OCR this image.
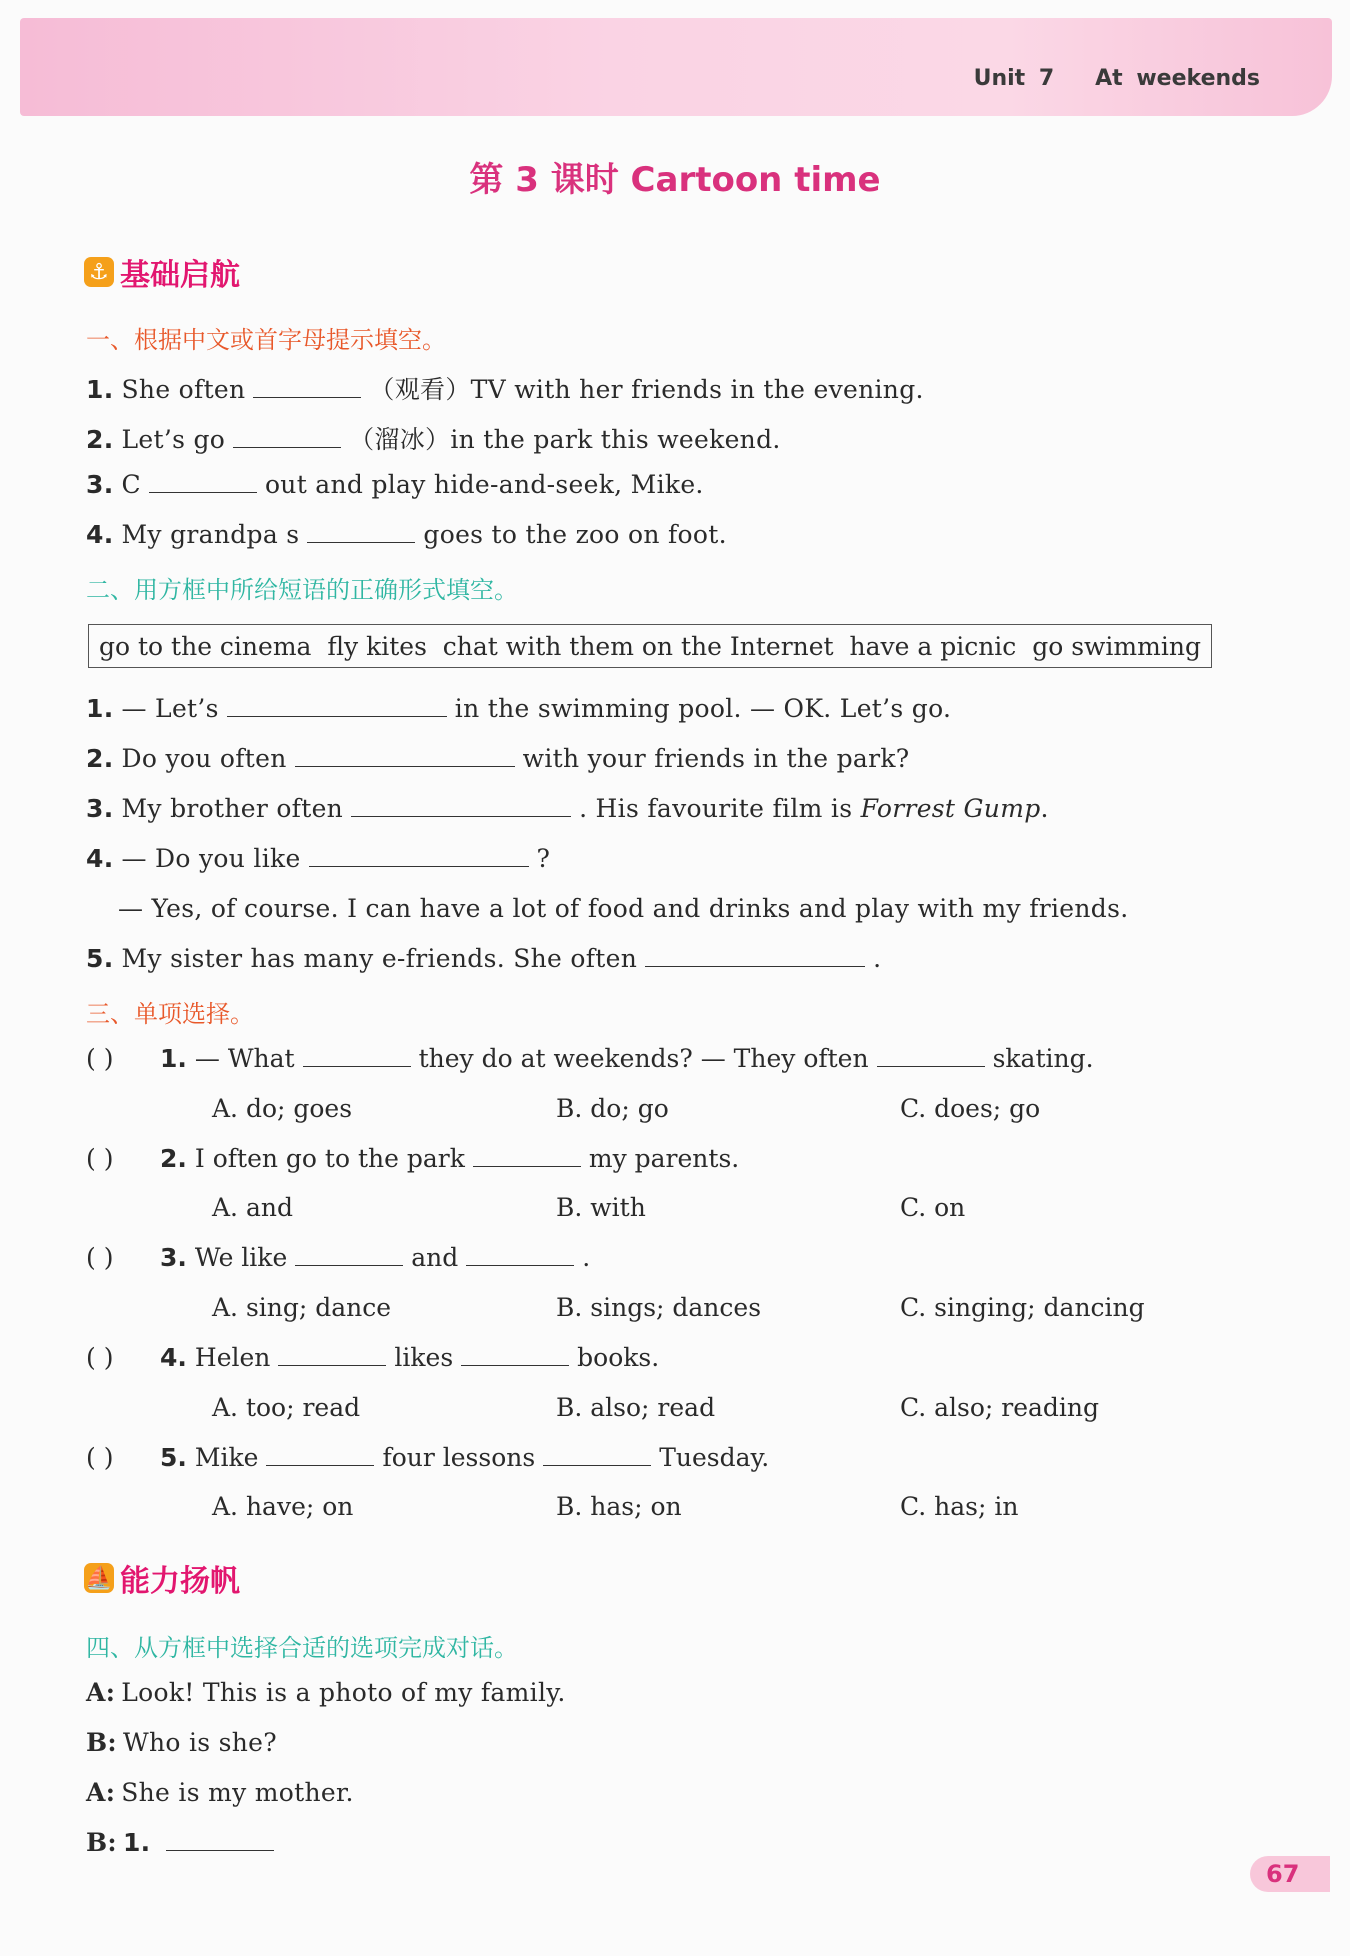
Unit 7 At weekends
第 3 课时 Cartoon time
⚓ 基础启航
一、根据中文或首字母提示填空。
1. She often	（观看）TV with her friends in the evening.
2. Let’s go	（溜冰）in the park this weekend.
3. C	out and play hide-and-seek, Mike.
4. My grandpa s	goes to the zoo on foot.
二、用方框中所给短语的正确形式填空。
go to the cinema fly kites chat with them on the Internet have a picnic go swimming
1. — Let’s	in the swimming pool. — OK. Let’s go.
2. Do you often	with your friends in the park?
3. My brother often	. His favourite film is Forrest Gump.
4. — Do you like	?
— Yes, of course. I can have a lot of food and drinks and play with my friends.
5. My sister has many e-friends. She often	.
三、单项选择。
( ) 1. — What	they do at weekends? — They often	skating.
A. do; goes	B. do; go	C. does; go
( ) 2. I often go to the park	my parents.
A. and	B. with	C. on
( ) 3. We like	and	.
A. sing; dance	B. sings; dances	C. singing; dancing
( ) 4. Helen	likes	books.
A. too; read	B. also; read	C. also; reading
( ) 5. Mike	four lessons	Tuesday.
A. have; on	B. has; on	C. has; in
⛵ 能力扬帆
四、从方框中选择合适的选项完成对话。
A: Look! This is a photo of my family.
B: Who is she?
A: She is my mother.
B: 1.
67
